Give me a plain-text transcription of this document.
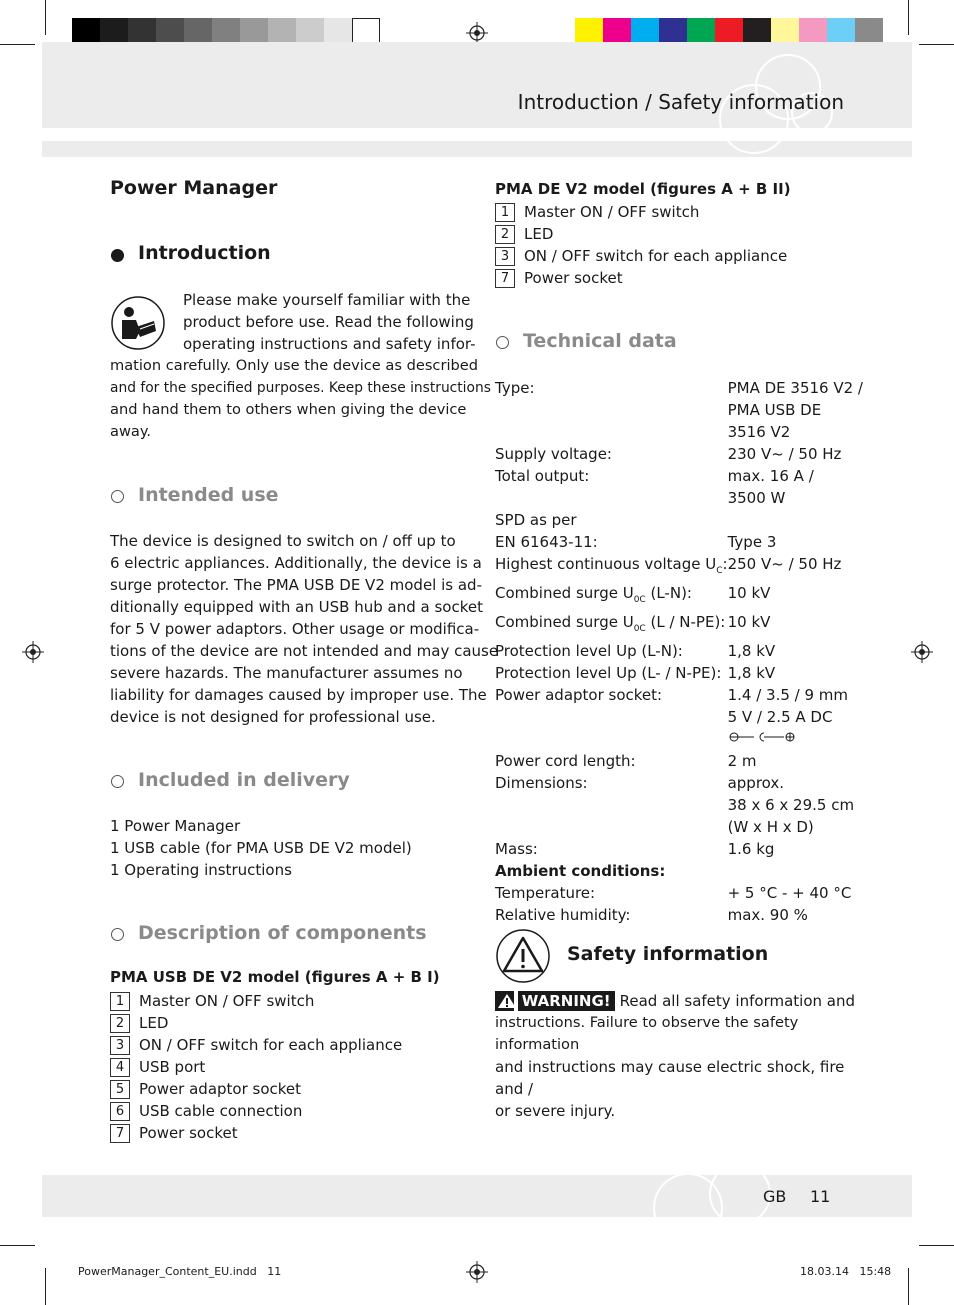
Introduction / Safety information
Power Manager
Introduction
Please make yourself familiar with the
product before use. Read the following
operating instructions and safety infor-
mation carefully. Only use the device as described
and for the specified purposes. Keep these instructions
and hand them to others when giving the device
away.
Intended use
The device is designed to switch on / off up to
6 electric appliances. Additionally, the device is a
surge protector. The PMA USB DE V2 model is ad-
ditionally equipped with an USB hub and a socket
for 5 V power adaptors. Other usage or modifica-
tions of the device are not intended and may cause
severe hazards. The manufacturer assumes no
liability for damages caused by improper use. The
device is not designed for professional use.
Included in delivery
1 Power Manager
1 USB cable (for PMA USB DE V2 model)
1 Operating instructions
Description of components
PMA USB DE V2 model (figures A + B I)
1 Master ON / OFF switch
2 LED
3 ON / OFF switch for each appliance
4 USB port
5 Power adaptor socket
6 USB cable connection
7 Power socket
PMA DE V2 model (figures A + B II)
1 Master ON / OFF switch
2 LED
3 ON / OFF switch for each appliance
7 Power socket
Technical data
Type:	PMA DE 3516 V2 /
	PMA USB DE
	3516 V2
Supply voltage:	230 V~ / 50 Hz
Total output:	max. 16 A /
	3500 W
SPD as per	
EN 61643-11:	Type 3
Highest continuous voltage $U_C$:	250 V~ / 50 Hz
Combined surge $U_{0C}$ (L-N):	10 kV
Combined surge $U_{0C}$ (L / N-PE):	10 kV
Protection level Up (L-N):	1,8 kV
Protection level Up (L- / N-PE):	1,8 kV
Power adaptor socket:	1.4 / 3.5 / 9 mm
	5 V / 2.5 A DC

Power cord length:	2 m
Dimensions:	approx.
	38 x 6 x 29.5 cm
	(W x H x D)
Mass:	1.6 kg
Ambient conditions:	
Temperature:	+ 5 °C - + 40 °C
Relative humidity:	max. 90 %
Safety information
WARNING! Read all safety information and
instructions. Failure to observe the safety information
and instructions may cause electric shock, fire and /
or severe injury.
GB 11
PowerManager_Content_EU.indd   11	18.03.14   15:48
